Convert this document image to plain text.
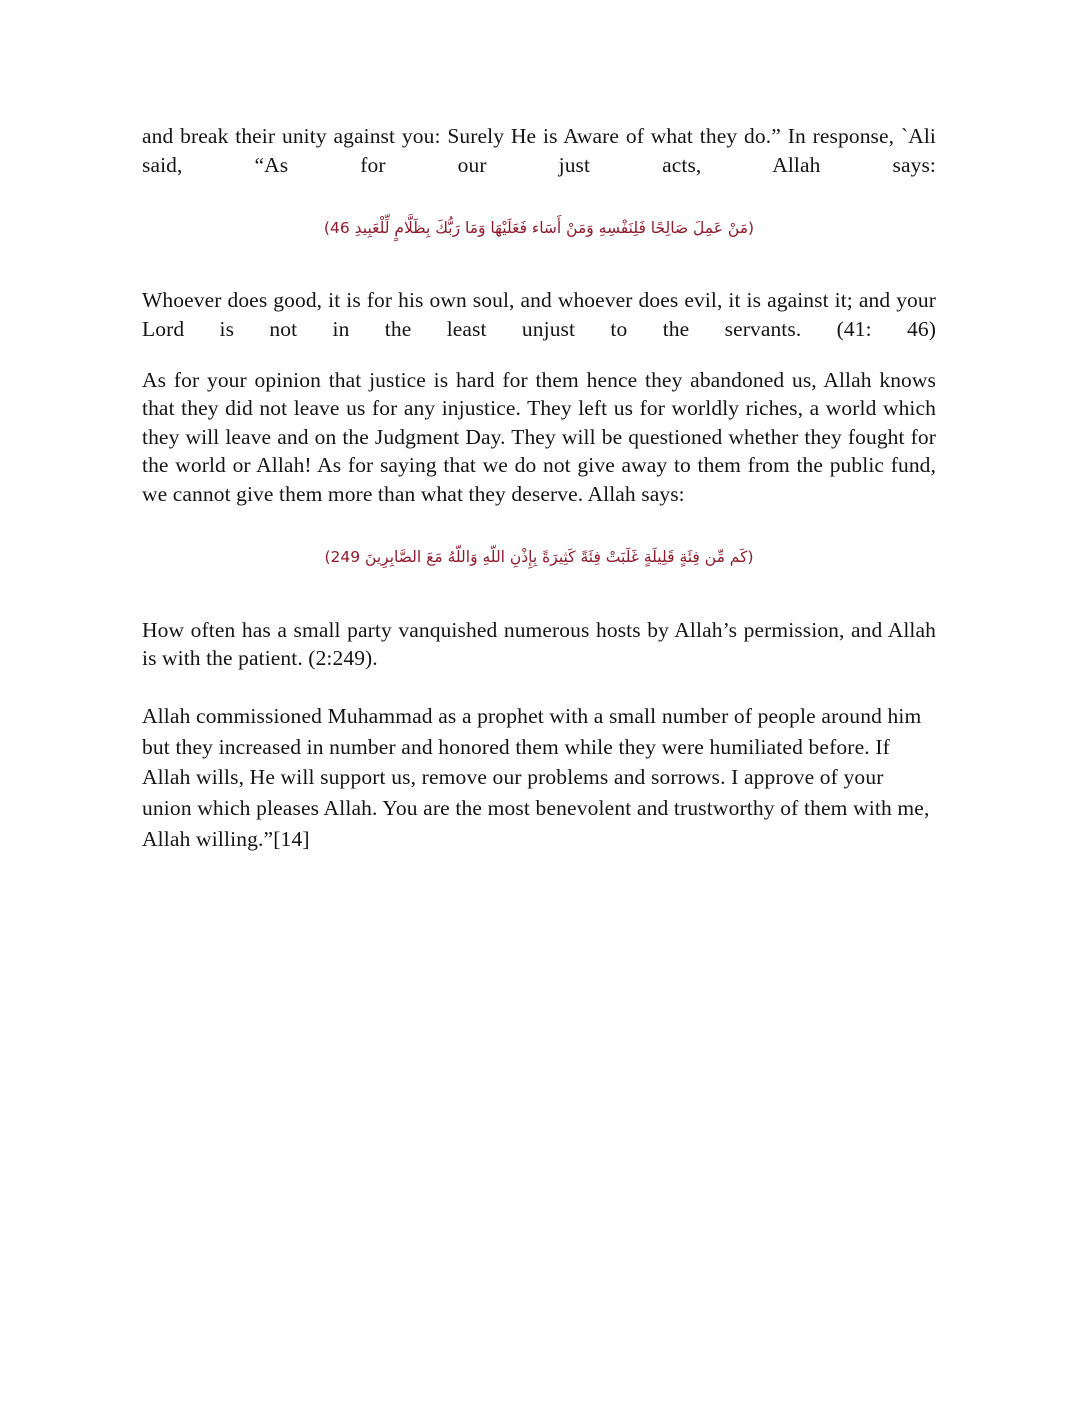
and break their unity against you: Surely He is Aware of what they do.” In response, `Ali said, “As for our just acts, Allah says:

(مَنْ عَمِلَ صَالِحًا فَلِنَفْسِهِ وَمَنْ أَسَاء فَعَلَيْهَا وَمَا رَبُّكَ بِظَلَّامٍ لِّلْعَبِيدِ 46)

Whoever does good, it is for his own soul, and whoever does evil, it is against it; and your Lord is not in the least unjust to the servants. (41: 46)

As for your opinion that justice is hard for them hence they abandoned us, Allah knows that they did not leave us for any injustice. They left us for worldly riches, a world which they will leave and on the Judgment Day. They will be questioned whether they fought for the world or Allah! As for saying that we do not give away to them from the public fund, we cannot give them more than what they deserve. Allah says:

(كَم مِّن فِئَةٍ قَلِيلَةٍ غَلَبَتْ فِئَةً كَثِيرَةً بِإِذْنِ اللّهِ وَاللّهُ مَعَ الصَّابِرِينَ 249)

How often has a small party vanquished numerous hosts by Allah’s permission, and Allah is with the patient. (2:249).

Allah commissioned Muhammad as a prophet with a small number of people around him but they increased in number and honored them while they were humiliated before. If Allah wills, He will support us, remove our problems and sorrows. I approve of your union which pleases Allah. You are the most benevolent and trustworthy of them with me, Allah willing.”[14]
